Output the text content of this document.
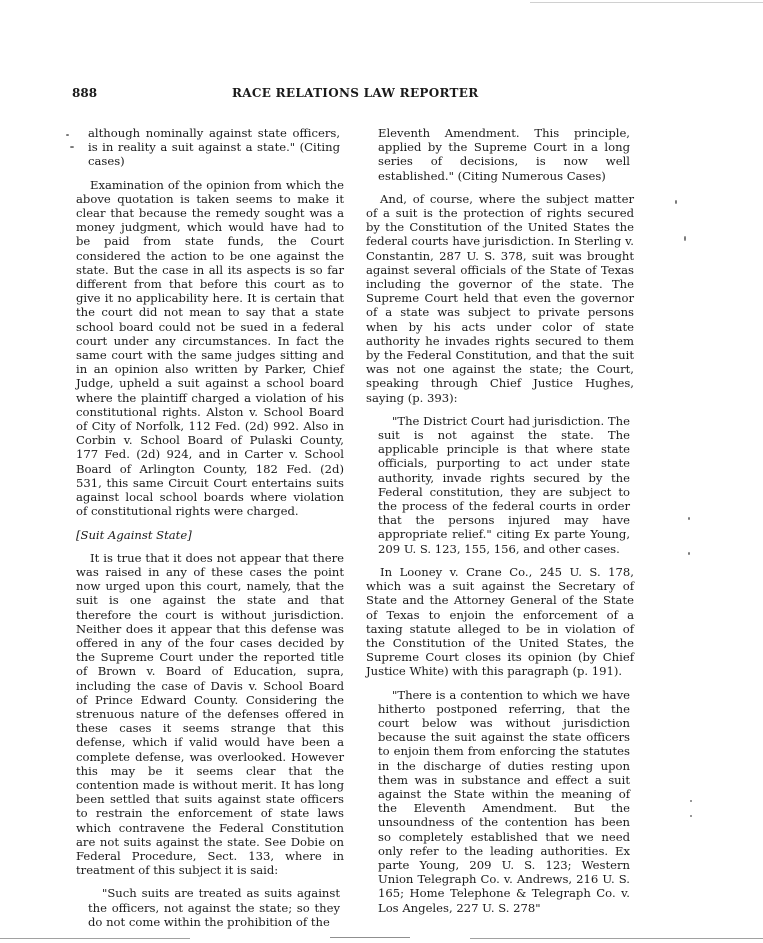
888	RACE RELATIONS LAW REPORTER

although nominally against state officers, is in reality a suit against a state." (Citing cases)

Examination of the opinion from which the above quotation is taken seems to make it clear that because the remedy sought was a money judgment, which would have had to be paid from state funds, the Court considered the action to be one against the state. But the case in all its aspects is so far different from that before this court as to give it no applicability here. It is certain that the court did not mean to say that a state school board could not be sued in a federal court under any circumstances. In fact the same court with the same judges sitting and in an opinion also written by Parker, Chief Judge, upheld a suit against a school board where the plaintiff charged a violation of his constitutional rights. Alston v. School Board of City of Norfolk, 112 Fed. (2d) 992. Also in Corbin v. School Board of Pulaski County, 177 Fed. (2d) 924, and in Carter v. School Board of Arlington County, 182 Fed. (2d) 531, this same Circuit Court entertains suits against local school boards where violation of constitutional rights were charged.

[Suit Against State]

It is true that it does not appear that there was raised in any of these cases the point now urged upon this court, namely, that the suit is one against the state and that therefore the court is without jurisdiction. Neither does it appear that this defense was offered in any of the four cases decided by the Supreme Court under the reported title of Brown v. Board of Education, supra, including the case of Davis v. School Board of Prince Edward County. Considering the strenuous nature of the defenses offered in these cases it seems strange that this defense, which if valid would have been a complete defense, was overlooked. However this may be it seems clear that the contention made is without merit. It has long been settled that suits against state officers to restrain the enforcement of state laws which contravene the Federal Constitution are not suits against the state. See Dobie on Federal Procedure, Sect. 133, where in treatment of this subject it is said:

"Such suits are treated as suits against the officers, not against the state; so they do not come within the prohibition of the

Eleventh Amendment. This principle, applied by the Supreme Court in a long series of decisions, is now well established." (Citing Numerous Cases)

And, of course, where the subject matter of a suit is the protection of rights secured by the Constitution of the United States the federal courts have jurisdiction. In Sterling v. Constantin, 287 U. S. 378, suit was brought against several officials of the State of Texas including the governor of the state. The Supreme Court held that even the governor of a state was subject to private persons when by his acts under color of state authority he invades rights secured to them by the Federal Constitution, and that the suit was not one against the state; the Court, speaking through Chief Justice Hughes, saying (p. 393):

"The District Court had jurisdiction. The suit is not against the state. The applicable principle is that where state officials, purporting to act under state authority, invade rights secured by the Federal constitution, they are subject to the process of the federal courts in order that the persons injured may have appropriate relief." citing Ex parte Young, 209 U. S. 123, 155, 156, and other cases.

In Looney v. Crane Co., 245 U. S. 178, which was a suit against the Secretary of State and the Attorney General of the State of Texas to enjoin the enforcement of a taxing statute alleged to be in violation of the Constitution of the United States, the Supreme Court closes its opinion (by Chief Justice White) with this paragraph (p. 191).

"There is a contention to which we have hitherto postponed referring, that the court below was without jurisdiction because the suit against the state officers to enjoin them from enforcing the statutes in the discharge of duties resting upon them was in substance and effect a suit against the State within the meaning of the Eleventh Amendment. But the unsoundness of the contention has been so completely established that we need only refer to the leading authorities. Ex parte Young, 209 U. S. 123; Western Union Telegraph Co. v. Andrews, 216 U. S. 165; Home Telephone & Telegraph Co. v. Los Angeles, 227 U. S. 278"
